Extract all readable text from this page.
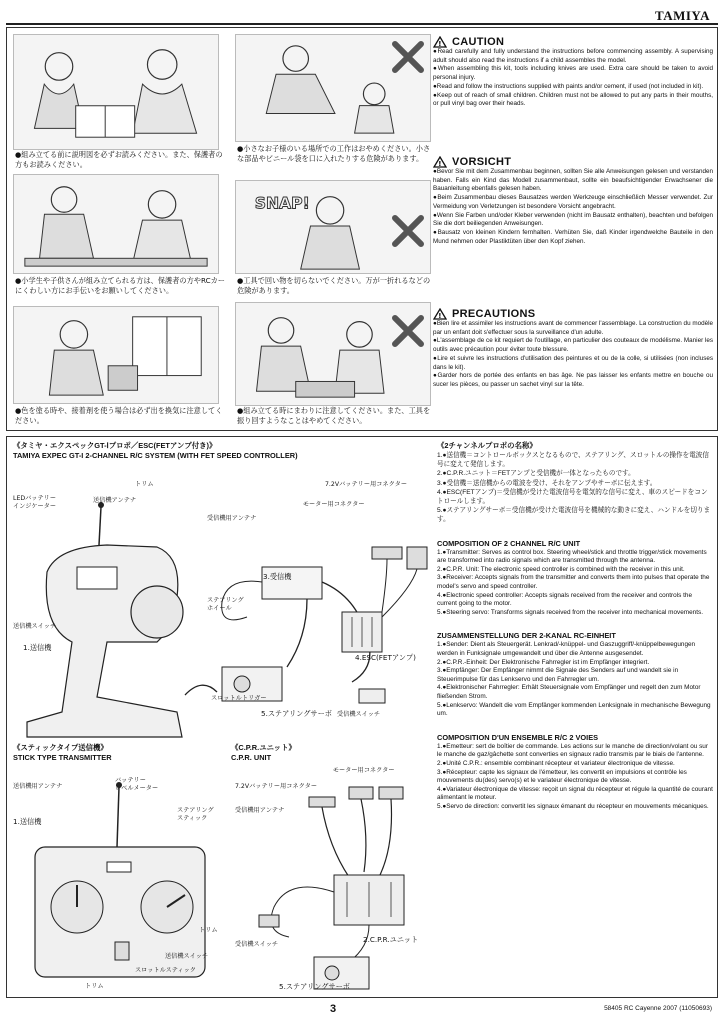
TAMIYA
●組み立てる前に説明図を必ずお読みください。また、保護者の方もお読みください。
●小学生や子供さんが組み立てられる方は、保護者の方やRCカーにくわしい方にお手伝いをお願いしてください。
●色を塗る時や、接着剤を使う場合は必ず出を換気に注意してください。
●小さなお子様のいる場所での工作はおやめください。小さな部品やビニール袋を口に入れたりする危険があります。
SNAP!
●工具で回い物を切らないでください。万が一折れるなどの危険があります。
●組み立てる時にまわりに注意してください。また、工具を振り回すようなことはやめてください。
! CAUTION

●Read carefully and fully understand the instructions before commencing assembly. A supervising adult should also read the instructions if a child assembles the model.

●When assembling this kit, tools including knives are used. Extra care should be taken to avoid personal injury.

●Read and follow the instructions supplied with paints and/or cement, if used (not included in kit).

●Keep out of reach of small children. Children must not be allowed to put any parts in their mouths, or pull vinyl bag over their heads.

! VORSICHT

●Bevor Sie mit dem Zusammenbau beginnen, sollten Sie alle Anweisungen gelesen und verstanden haben. Falls ein Kind das Modell zusammenbaut, sollte ein beaufsichtigender Erwachsener die Bauanleitung ebenfalls gelesen haben.

●Beim Zusammenbau dieses Bausatzes werden Werkzeuge einschließlich Messer verwendet. Zur Vermeidung von Verletzungen ist besondere Vorsicht angebracht.

●Wenn Sie Farben und/oder Kleber verwenden (nicht im Bausatz enthalten), beachten und befolgen Sie die dort beiliegenden Anweisungen.

●Bausatz von kleinen Kindern fernhalten. Verhüten Sie, daß Kinder irgendwelche Bauteile in den Mund nehmen oder Plastiktüten über den Kopf ziehen.

! PRECAUTIONS

●Bien lire et assimiler les instructions avant de commencer l'assemblage. La construction du modèle par un enfant doit s'effectuer sous la surveillance d'un adulte.

●L'assemblage de ce kit requiert de l'outillage, en particulier des couteaux de modélisme. Manier les outils avec précaution pour éviter toute blessure.

●Lire et suivre les instructions d'utilisation des peintures et ou de la colle, si utilisées (non incluses dans le kit).

●Garder hors de portée des enfants en bas âge. Ne pas laisser les enfants mettre en bouche ou sucer les pièces, ou passer un sachet vinyl sur la tête.

《タミヤ・エクスペックGT-Ⅰプロポ／ESC(FETアンプ付き)》
TAMIYA EXPEC GT-I 2-CHANNEL R/C SYSTEM (WITH FET SPEED CONTROLLER)
トリム
LEDバッテリー
インジケーター
送信機アンテナ
受信機用アンテナ
モーター用コネクター
7.2Vバッテリー用コネクター
3.受信機
ステアリング
ホイール
送信機スイッチ
1.送信機
4.ESC(FETアンプ)
スロットルトリガー
5.ステアリングサーボ 受信機スイッチ
《スティックタイプ送信機》
STICK TYPE TRANSMITTER
送信機用アンテナ
バッテリー
レベルメーター
ステアリング
スティック
1.送信機
トリム
送信機スイッチ
スロットルスティック
トリム
《C.P.R.ユニット》
C.P.R. UNIT
モーター用コネクター
7.2Vバッテリー用コネクター
受信機用アンテナ
受信機スイッチ
2.C.P.R.ユニット
5.ステアリングサーボ
《2チャンネルプロポの名称》

1.●送信機＝コントロールボックスとなるもので、ステアリング、スロットルの操作を電波信号に変えて発信します。

2.●C.P.R.ユニット＝FETアンプと受信機が一体となったものです。

3.●受信機＝送信機からの電波を受け、それをアンプやサーボに伝えます。

4.●ESC(FETアンプ)＝受信機が受けた電波信号を電気的な信号に変え、車のスピードをコントロールします。

5.●ステアリングサーボ＝受信機が受けた電波信号を機械的な動きに変え、ハンドルを切ります。

COMPOSITION OF 2 CHANNEL R/C UNIT

1.●Transmitter: Serves as control box. Steering wheel/stick and throttle trigger/stick movements are transformed into radio signals which are transmitted through the antenna.

2.●C.P.R. Unit: The electronic speed controller is combined with the receiver in this unit.

3.●Receiver: Accepts signals from the transmitter and converts them into pulses that operate the model's servo and speed controller.

4.●Electronic speed controller: Accepts signals received from the receiver and controls the current going to the motor.

5.●Steering servo: Transforms signals received from the receiver into mechanical movements.

ZUSAMMENSTELLUNG DER 2-KANAL RC-EINHEIT

1.●Sender: Dient als Steuergerät. Lenkrad/-knüppel- und Gaszuggriff/-knüppelbewegungen werden in Funksignale umgewandelt und über die Antenne ausgesendet.

2.●C.P.R.-Einheit: Der Elektronische Fahrregler ist im Empfänger integriert.

3.●Empfänger: Der Empfänger nimmt die Signale des Senders auf und wandelt sie in Steuerimpulse für das Lenkservo und den Fahrregler um.

4.●Elektronischer Fahrregler: Erhält Steuersignale vom Empfänger und regelt den zum Motor fließenden Strom.

5.●Lenkservo: Wandelt die vom Empfänger kommenden Lenksignale in mechanische Bewegung um.

COMPOSITION D'UN ENSEMBLE R/C 2 VOIES

1.●Emetteur: sert de boîtier de commande. Les actions sur le manche de direction/volant ou sur le manche de gaz/gâchette sont converties en signaux radio transmis par le biais de l'antenne.

2.●Unité C.P.R.: ensemble combinant récepteur et variateur électronique de vitesse.

3.●Récepteur: capte les signaux de l'émetteur, les convertit en impulsions et contrôle les mouvements du(des) servo(s) et le variateur électronique de vitesse.

4.●Variateur électronique de vitesse: reçoit un signal du récepteur et régule la quantité de courant alimentant le moteur.

5.●Servo de direction: convertit les signaux émanant du récepteur en mouvements mécaniques.

3	58405 RC Cayenne 2007 (11050693)
